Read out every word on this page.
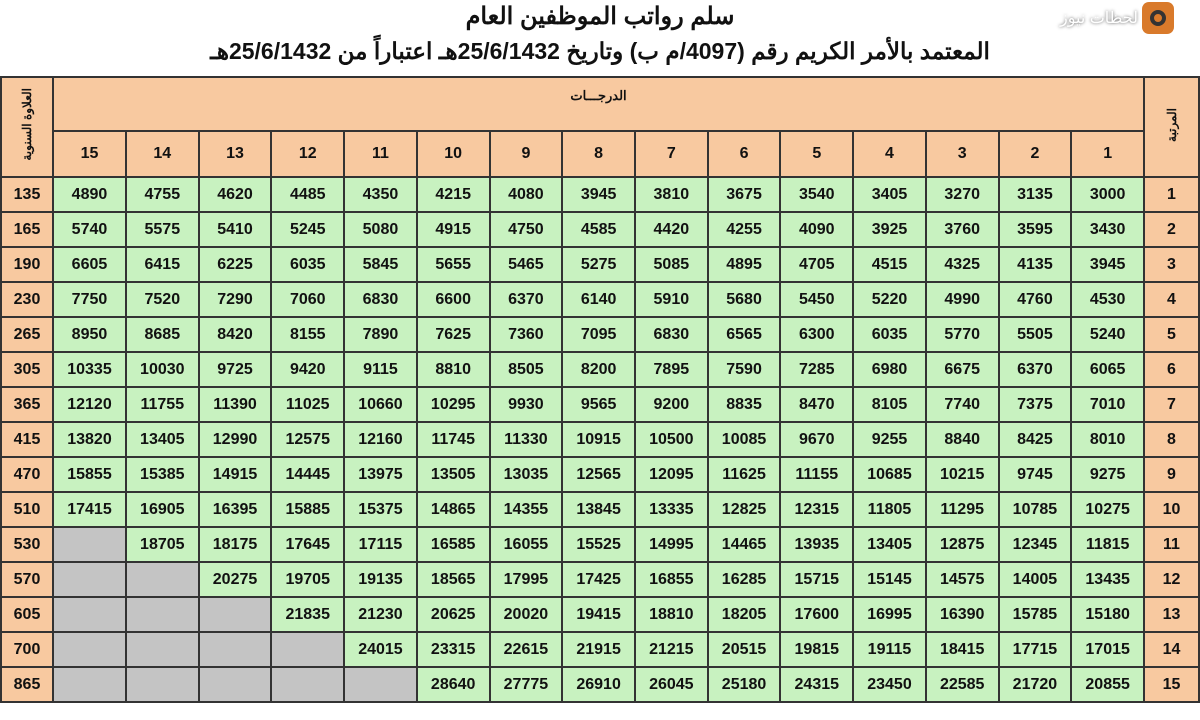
سلم رواتب الموظفين العام
المعتمد بالأمر الكريم رقم (4097/م ب) وتاريخ 25/6/1432هـ اعتباراً من 25/6/1432هـ
المرتبة	الدرجـــات															العلاوة السنوية
	1	2	3	4	5	6	7	8	9	10	11	12	13	14	15	
1	3000	3135	3270	3405	3540	3675	3810	3945	4080	4215	4350	4485	4620	4755	4890	135
2	3430	3595	3760	3925	4090	4255	4420	4585	4750	4915	5080	5245	5410	5575	5740	165
3	3945	4135	4325	4515	4705	4895	5085	5275	5465	5655	5845	6035	6225	6415	6605	190
4	4530	4760	4990	5220	5450	5680	5910	6140	6370	6600	6830	7060	7290	7520	7750	230
5	5240	5505	5770	6035	6300	6565	6830	7095	7360	7625	7890	8155	8420	8685	8950	265
6	6065	6370	6675	6980	7285	7590	7895	8200	8505	8810	9115	9420	9725	10030	10335	305
7	7010	7375	7740	8105	8470	8835	9200	9565	9930	10295	10660	11025	11390	11755	12120	365
8	8010	8425	8840	9255	9670	10085	10500	10915	11330	11745	12160	12575	12990	13405	13820	415
9	9275	9745	10215	10685	11155	11625	12095	12565	13035	13505	13975	14445	14915	15385	15855	470
10	10275	10785	11295	11805	12315	12825	13335	13845	14355	14865	15375	15885	16395	16905	17415	510
11	11815	12345	12875	13405	13935	14465	14995	15525	16055	16585	17115	17645	18175	18705		530
12	13435	14005	14575	15145	15715	16285	16855	17425	17995	18565	19135	19705	20275			570
13	15180	15785	16390	16995	17600	18205	18810	19415	20020	20625	21230	21835				605
14	17015	17715	18415	19115	19815	20515	21215	21915	22615	23315	24015					700
15	20855	21720	22585	23450	24315	25180	26045	26910	27775	28640						865
لحظات نيوز
